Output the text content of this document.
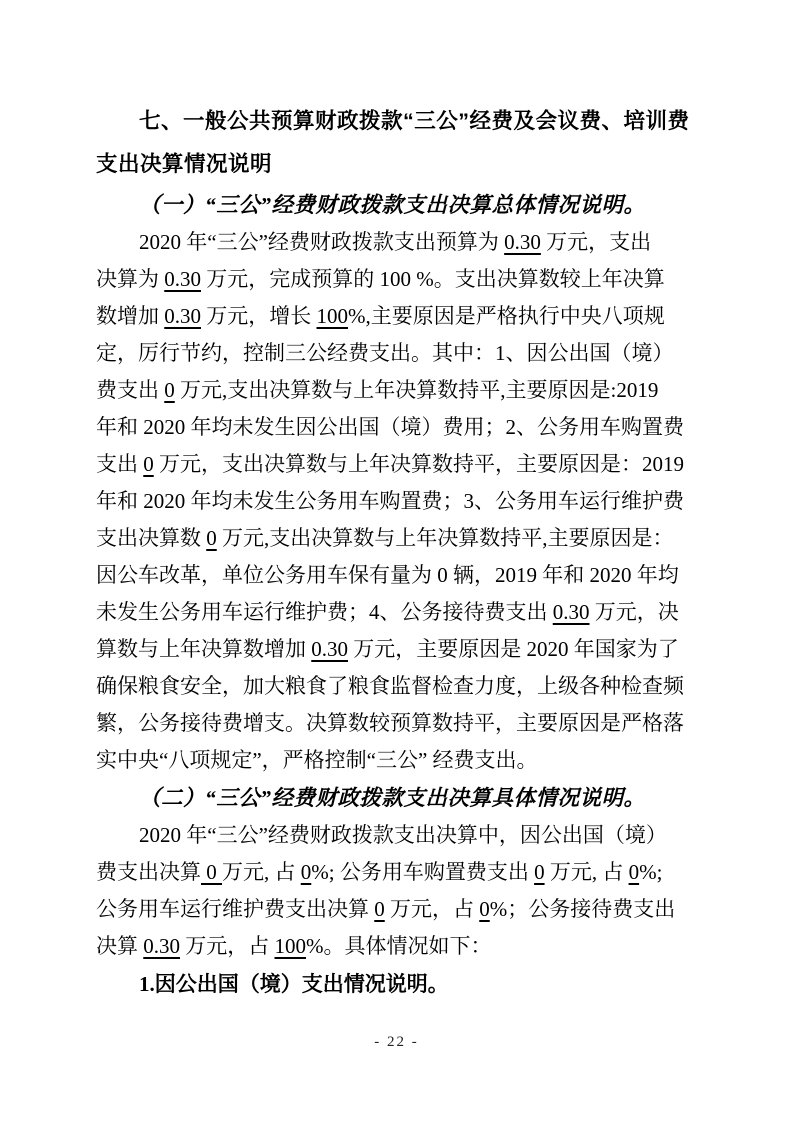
七、一般公共预算财政拨款“三公”经费及会议费、培训费
支出决算情况说明
（一）“三公”经费财政拨款支出决算总体情况说明。
2020 年“三公”经费财政拨款支出预算为 0.30 万元，支出
决算为 0.30 万元，完成预算的 100 %。支出决算数较上年决算
数增加 0.30 万元，增长 100%,主要原因是严格执行中央八项规
定，厉行节约，控制三公经费支出。其中：1、因公出国（境）
费支出 0 万元,支出决算数与上年决算数持平,主要原因是:2019
年和 2020 年均未发生因公出国（境）费用；2、公务用车购置费
支出 0 万元，支出决算数与上年决算数持平，主要原因是：2019
年和 2020 年均未发生公务用车购置费；3、公务用车运行维护费
支出决算数 0 万元,支出决算数与上年决算数持平,主要原因是：
因公车改革，单位公务用车保有量为 0 辆，2019 年和 2020 年均
未发生公务用车运行维护费；4、公务接待费支出 0.30 万元，决
算数与上年决算数增加 0.30 万元，主要原因是 2020 年国家为了
确保粮食安全，加大粮食了粮食监督检查力度，上级各种检查频
繁，公务接待费增支。决算数较预算数持平，主要原因是严格落
实中央“八项规定”，严格控制“三公” 经费支出。
（二）“三公”经费财政拨款支出决算具体情况说明。
2020 年“三公”经费财政拨款支出决算中，因公出国（境）
费支出决算 0 万元, 占 0%; 公务用车购置费支出 0 万元, 占 0%;
公务用车运行维护费支出决算 0 万元，占 0%；公务接待费支出
决算 0.30 万元，占 100%。具体情况如下：
1.因公出国（境）支出情况说明。
- 22 -
